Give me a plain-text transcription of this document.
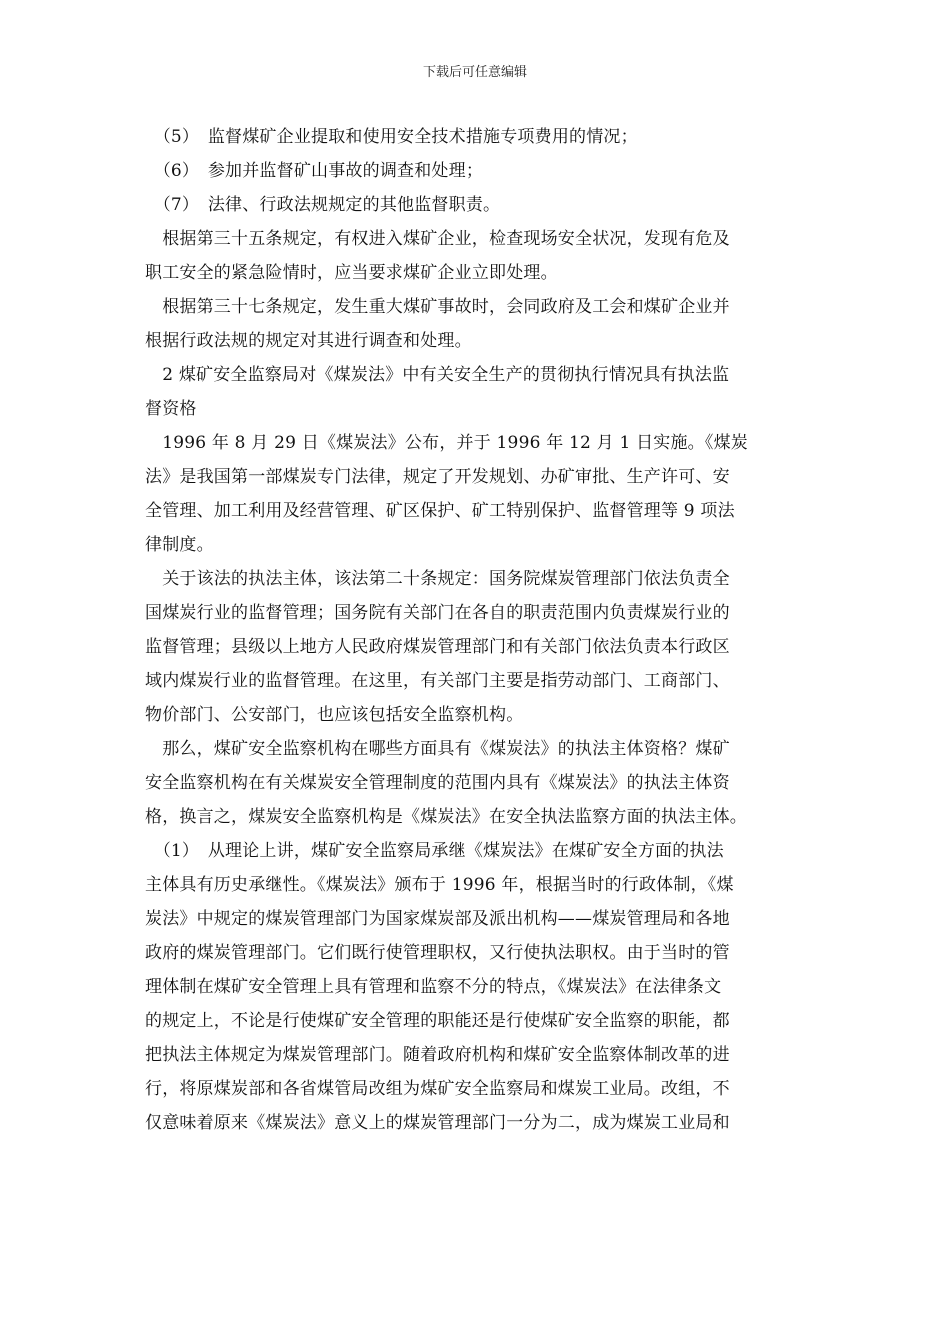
下载后可任意编辑
　（5）　监督煤矿企业提取和使用安全技术措施专项费用的情况；
　（6）　参加并监督矿山事故的调查和处理；
　（7）　法律、行政法规规定的其他监督职责。
　根据第三十五条规定，有权进入煤矿企业，检查现场安全状况，发现有危及
职工安全的紧急险情时，应当要求煤矿企业立即处理。
　根据第三十七条规定，发生重大煤矿事故时，会同政府及工会和煤矿企业并
根据行政法规的规定对其进行调查和处理。
　2 煤矿安全监察局对《煤炭法》中有关安全生产的贯彻执行情况具有执法监
督资格
　1996 年 8 月 29 日《煤炭法》公布，并于 1996 年 12 月 1 日实施。《煤炭
法》是我国第一部煤炭专门法律，规定了开发规划、办矿审批、生产许可、安
全管理、加工利用及经营管理、矿区保护、矿工特别保护、监督管理等 9 项法
律制度。
　关于该法的执法主体，该法第二十条规定：国务院煤炭管理部门依法负责全
国煤炭行业的监督管理；国务院有关部门在各自的职责范围内负责煤炭行业的
监督管理；县级以上地方人民政府煤炭管理部门和有关部门依法负责本行政区
域内煤炭行业的监督管理。在这里，有关部门主要是指劳动部门、工商部门、
物价部门、公安部门，也应该包括安全监察机构。
　那么，煤矿安全监察机构在哪些方面具有《煤炭法》的执法主体资格？煤矿
安全监察机构在有关煤炭安全管理制度的范围内具有《煤炭法》的执法主体资
格，换言之，煤炭安全监察机构是《煤炭法》在安全执法监察方面的执法主体。
　（1）　从理论上讲，煤矿安全监察局承继《煤炭法》在煤矿安全方面的执法
主体具有历史承继性。《煤炭法》颁布于 1996 年，根据当时的行政体制，《煤
炭法》中规定的煤炭管理部门为国家煤炭部及派出机构——煤炭管理局和各地
政府的煤炭管理部门。它们既行使管理职权，又行使执法职权。由于当时的管
理体制在煤矿安全管理上具有管理和监察不分的特点，《煤炭法》在法律条文
的规定上，不论是行使煤矿安全管理的职能还是行使煤矿安全监察的职能，都
把执法主体规定为煤炭管理部门。随着政府机构和煤矿安全监察体制改革的进
行，将原煤炭部和各省煤管局改组为煤矿安全监察局和煤炭工业局。改组，不
仅意味着原来《煤炭法》意义上的煤炭管理部门一分为二，成为煤炭工业局和
